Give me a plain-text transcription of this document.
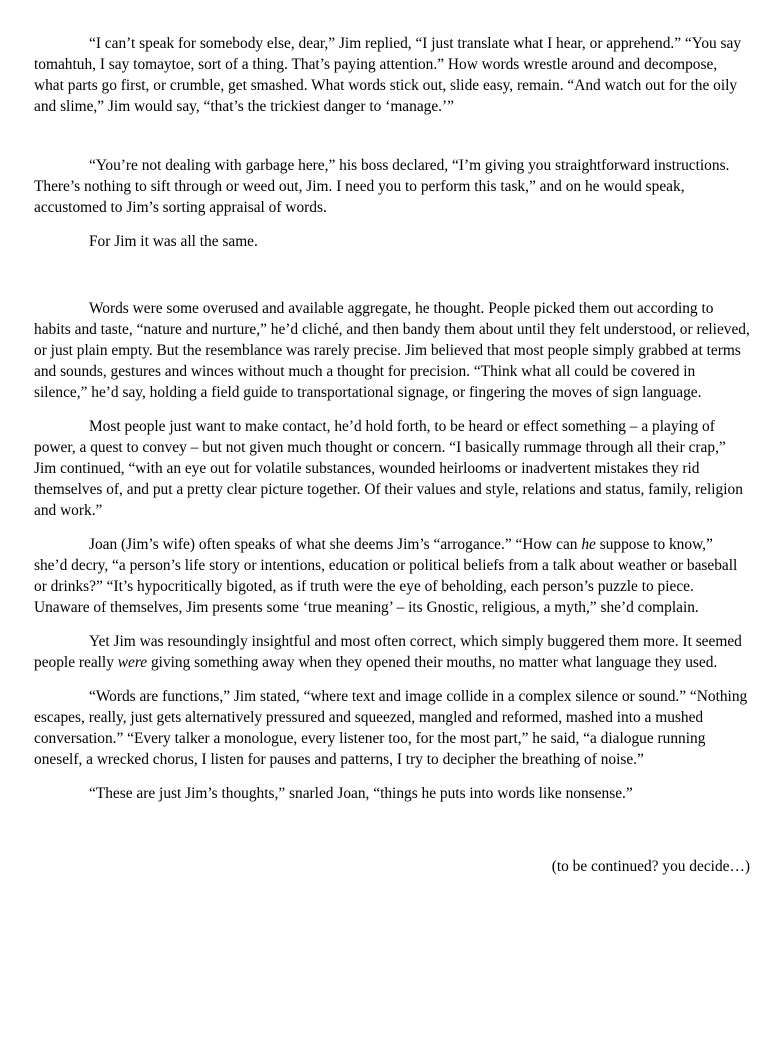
“I can’t speak for somebody else, dear,” Jim replied, “I just translate what I hear, or apprehend.” “You say tomahtuh, I say tomaytoe, sort of a thing. That’s paying attention.” How words wrestle around and decompose, what parts go first, or crumble, get smashed. What words stick out, slide easy, remain. “And watch out for the oily and slime,” Jim would say, “that’s the trickiest danger to ‘manage.’”

“You’re not dealing with garbage here,” his boss declared, “I’m giving you straightforward instructions. There’s nothing to sift through or weed out, Jim. I need you to perform this task,” and on he would speak, accustomed to Jim’s sorting appraisal of words.

For Jim it was all the same.

Words were some overused and available aggregate, he thought. People picked them out according to habits and taste, “nature and nurture,” he’d cliché, and then bandy them about until they felt understood, or relieved, or just plain empty. But the resemblance was rarely precise. Jim believed that most people simply grabbed at terms and sounds, gestures and winces without much a thought for precision. “Think what all could be covered in silence,” he’d say, holding a field guide to transportational signage, or fingering the moves of sign language.

Most people just want to make contact, he’d hold forth, to be heard or effect something – a playing of power, a quest to convey – but not given much thought or concern. “I basically rummage through all their crap,” Jim continued, “with an eye out for volatile substances, wounded heirlooms or inadvertent mistakes they rid themselves of, and put a pretty clear picture together. Of their values and style, relations and status, family, religion and work.”

Joan (Jim’s wife) often speaks of what she deems Jim’s “arrogance.” “How can he suppose to know,” she’d decry, “a person’s life story or intentions, education or political beliefs from a talk about weather or baseball or drinks?” “It’s hypocritically bigoted, as if truth were the eye of beholding, each person’s puzzle to piece. Unaware of themselves, Jim presents some ‘true meaning’ – its Gnostic, religious, a myth,” she’d complain.

Yet Jim was resoundingly insightful and most often correct, which simply buggered them more. It seemed people really were giving something away when they opened their mouths, no matter what language they used.

“Words are functions,” Jim stated, “where text and image collide in a complex silence or sound.” “Nothing escapes, really, just gets alternatively pressured and squeezed, mangled and reformed, mashed into a mushed conversation.” “Every talker a monologue, every listener too, for the most part,” he said, “a dialogue running oneself, a wrecked chorus, I listen for pauses and patterns, I try to decipher the breathing of noise.”

“These are just Jim’s thoughts,” snarled Joan, “things he puts into words like nonsense.”

(to be continued? you decide…)
